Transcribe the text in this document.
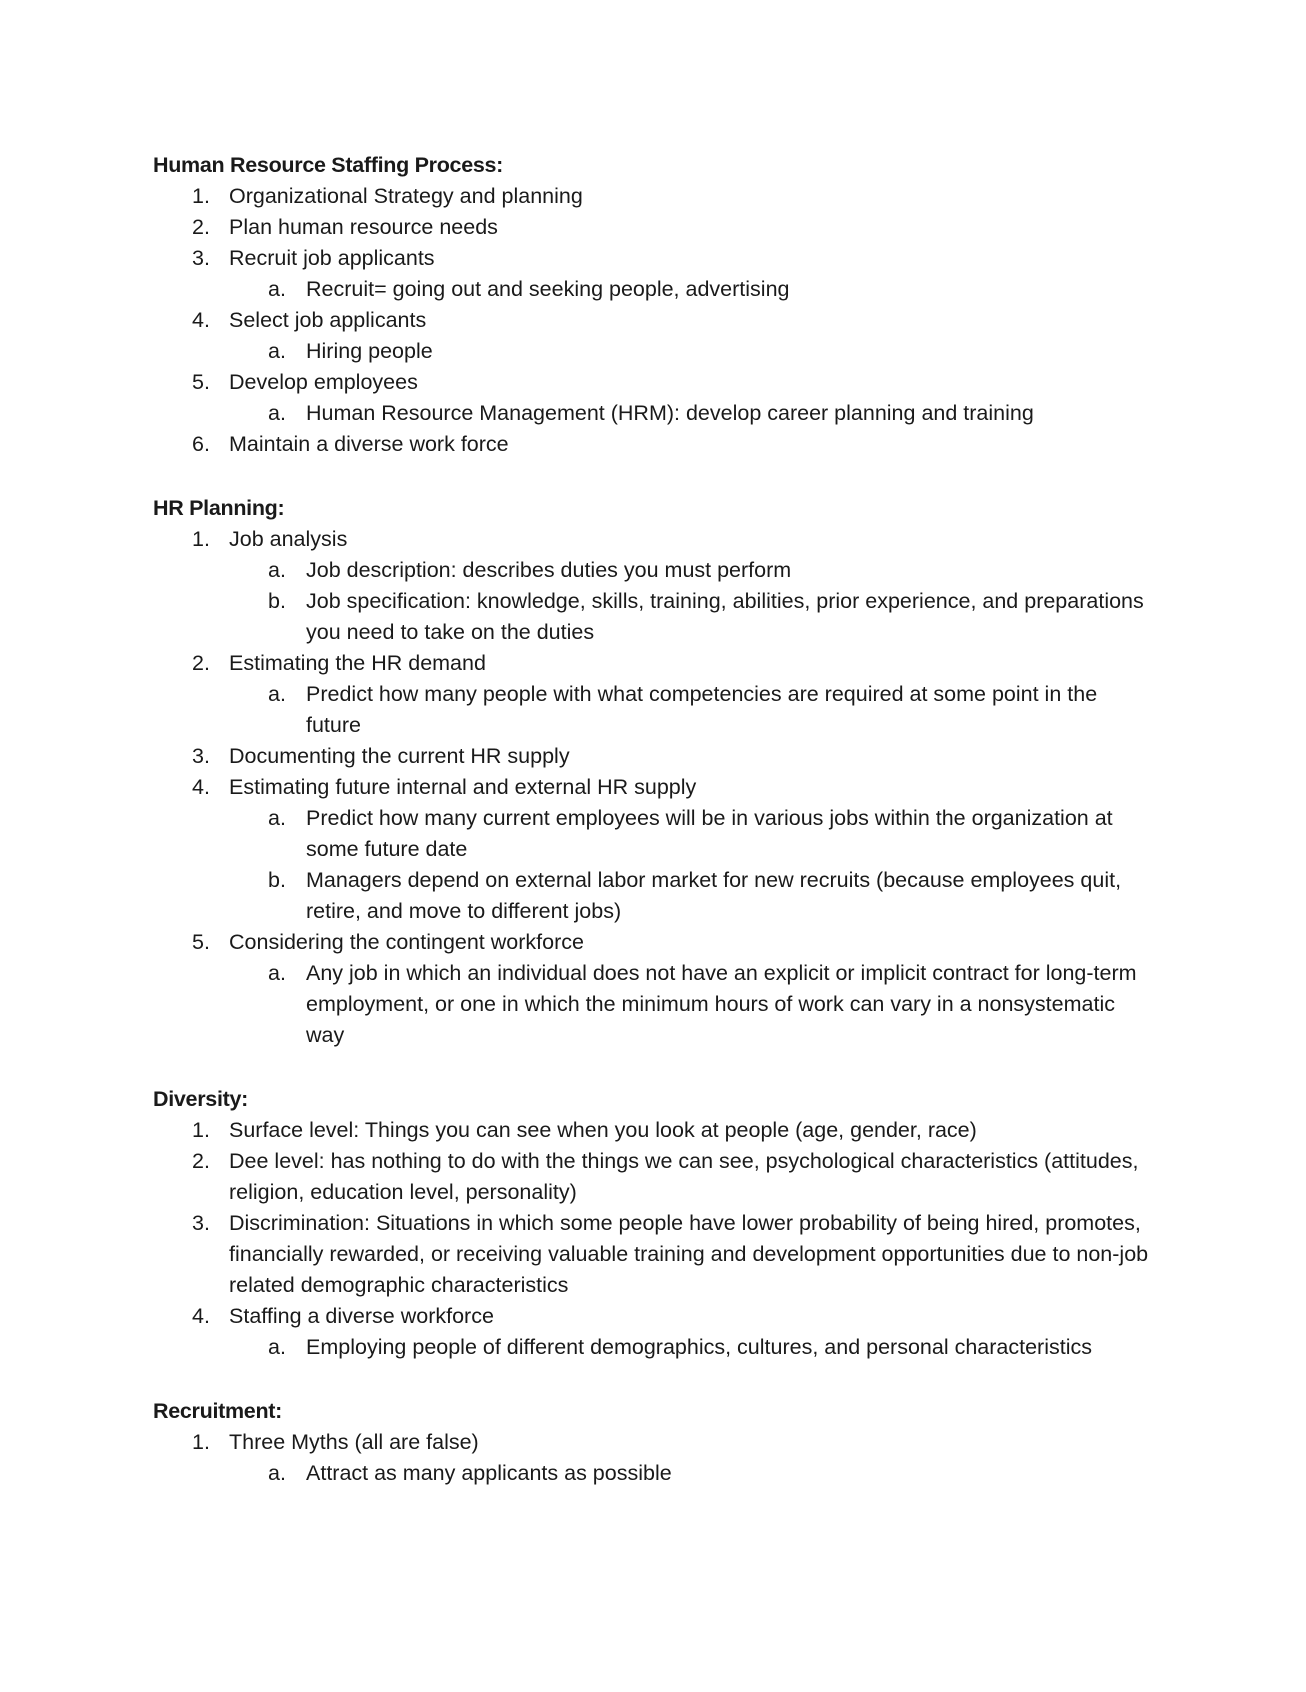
Human Resource Staffing Process:
1. Organizational Strategy and planning
2. Plan human resource needs
3. Recruit job applicants
a. Recruit= going out and seeking people, advertising
4. Select job applicants
a. Hiring people
5. Develop employees
a. Human Resource Management (HRM): develop career planning and training
6. Maintain a diverse work force
HR Planning:
1. Job analysis
a. Job description: describes duties you must perform
b. Job specification: knowledge, skills, training, abilities, prior experience, and preparations you need to take on the duties
2. Estimating the HR demand
a. Predict how many people with what competencies are required at some point in the future
3. Documenting the current HR supply
4. Estimating future internal and external HR supply
a. Predict how many current employees will be in various jobs within the organization at some future date
b. Managers depend on external labor market for new recruits (because employees quit, retire, and move to different jobs)
5. Considering the contingent workforce
a. Any job in which an individual does not have an explicit or implicit contract for long-term employment, or one in which the minimum hours of work can vary in a nonsystematic way
Diversity:
1. Surface level: Things you can see when you look at people (age, gender, race)
2. Dee level: has nothing to do with the things we can see, psychological characteristics (attitudes, religion, education level, personality)
3. Discrimination: Situations in which some people have lower probability of being hired, promotes, financially rewarded, or receiving valuable training and development opportunities due to non-job related demographic characteristics
4. Staffing a diverse workforce
a. Employing people of different demographics, cultures, and personal characteristics
Recruitment:
1. Three Myths (all are false)
a. Attract as many applicants as possible
